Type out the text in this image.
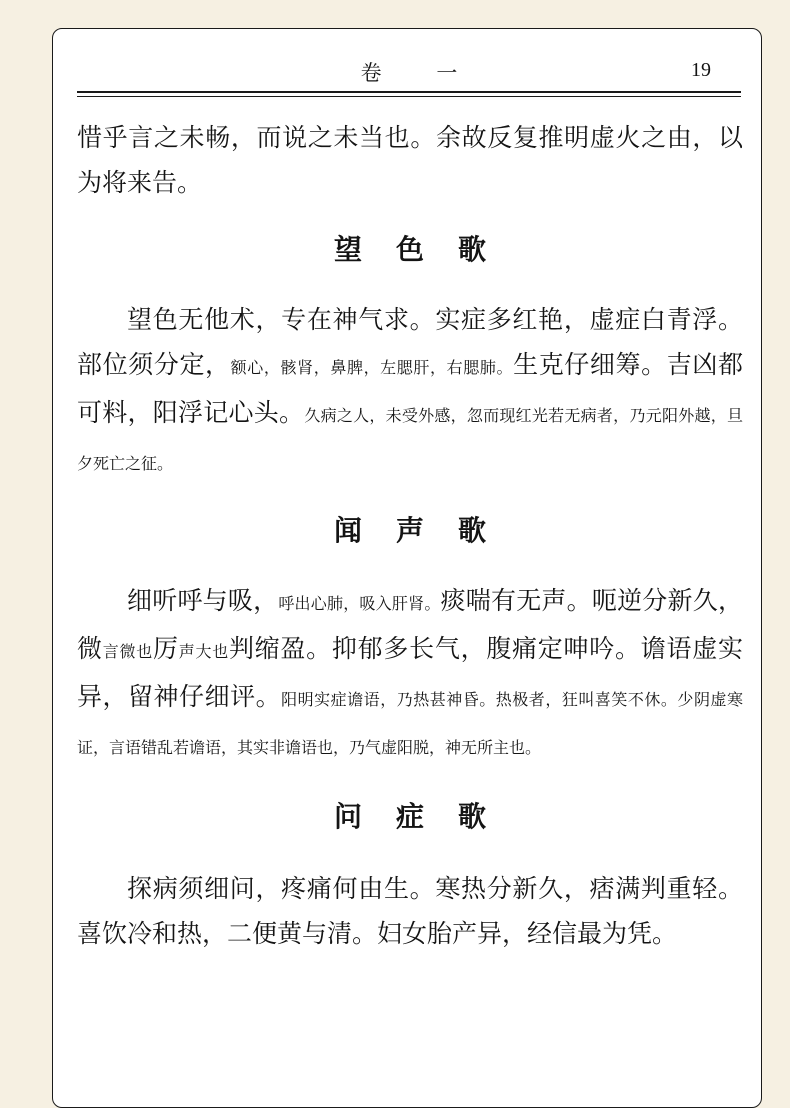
卷 一	19

惜乎言之未畅，而说之未当也。余故反复推明虚火之由，以为将来告。

望色歌

望色无他术，专在神气求。实症多红艳，虚症白青浮。部位须分定，额心，骸肾，鼻脾，左腮肝，右腮肺。生克仔细筹。吉凶都可料，阳浮记心头。久病之人，未受外感，忽而现红光若无病者，乃元阳外越，旦夕死亡之征。

闻声歌

细听呼与吸，呼出心肺，吸入肝肾。痰喘有无声。呃逆分新久，微言微也厉声大也判缩盈。抑郁多长气，腹痛定呻吟。谵语虚实异，留神仔细评。阳明实症谵语，乃热甚神昏。热极者，狂叫喜笑不休。少阴虚寒证，言语错乱若谵语，其实非谵语也，乃气虚阳脱，神无所主也。

问症歌

探病须细问，疼痛何由生。寒热分新久，痞满判重轻。喜饮冷和热，二便黄与清。妇女胎产异，经信最为凭。
